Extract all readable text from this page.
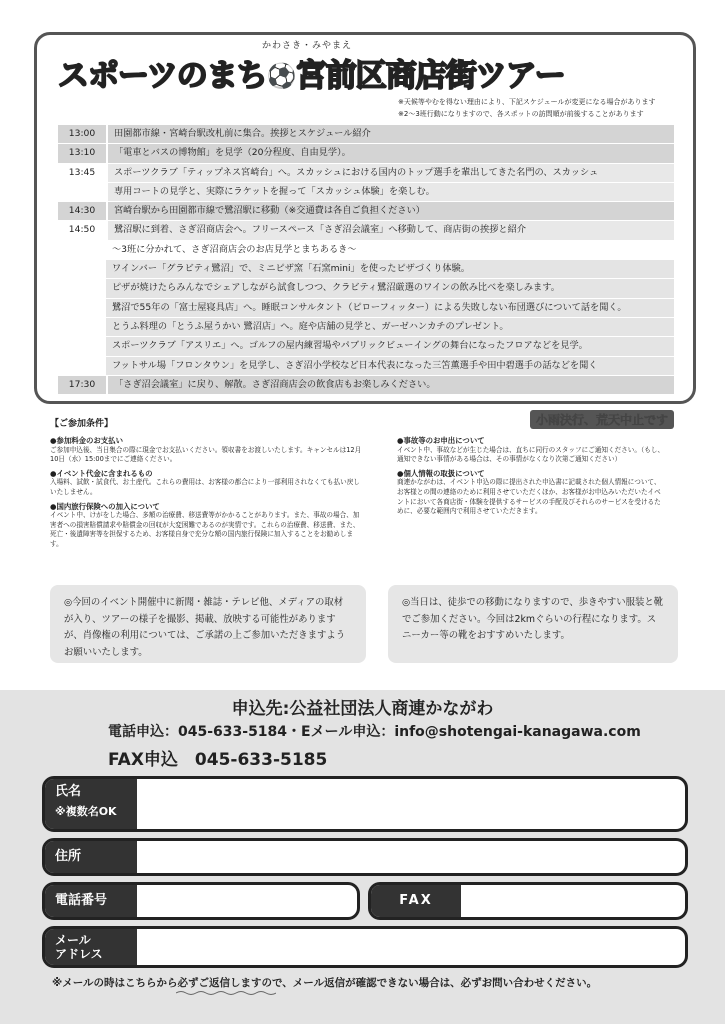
かわさき・みやまえ
スポーツのまち⚽宮前区商店街ツアー
※天候等やむを得ない理由により、下記スケジュールが変更になる場合があります
※2～3班行動になりますので、各スポットの訪問順が前後することがあります
13:00	田園都市線・宮崎台駅改札前に集合。挨拶とスケジュール紹介
13:10	「電車とバスの博物館」を見学（20分程度、自由見学）。
13:45	スポーツクラブ「ティップネス宮崎台」へ。スカッシュにおける国内のトップ選手を輩出してきた名門の、スカッシュ
専用コートの見学と、実際にラケットを握って「スカッシュ体験」を楽しむ。
14:30	宮崎台駅から田園都市線で鷺沼駅に移動（※交通費は各自ご負担ください）
14:50	鷺沼駅に到着、さぎ沼商店会へ。フリースペース「さぎ沼会議室」へ移動して、商店街の挨拶と紹介
～3班に分かれて、さぎ沼商店会のお店見学とまちあるき～
ワインバー「グラビティ鷺沼」で、ミニピザ窯「石窯mini」を使ったピザづくり体験。
ピザが焼けたらみんなでシェアしながら試食しつつ、クラビティ鷺沼厳選のワインの飲み比べを楽しみます。
鷺沼で55年の「富士屋寝具店」へ。睡眠コンサルタント（ピローフィッター）による失敗しない布団選びについて話を聞く。
とうふ料理の「とうふ屋うかい 鷺沼店」へ。庭や店舗の見学と、ガーゼハンカチのプレゼント。
スポーツクラブ「アスリエ」へ。ゴルフの屋内練習場やパブリックビューイングの舞台になったフロアなどを見学。
フットサル場「フロンタウン」を見学し、さぎ沼小学校など日本代表になった三笘薫選手や田中碧選手の話などを聞く
17:30	「さぎ沼会議室」に戻り、解散。さぎ沼商店会の飲食店もお楽しみください。
小雨決行、荒天中止です
【ご参加条件】
●参加料金のお支払い
ご参加申込後、当日集合の際に現金でお支払いください。領収書をお渡しいたします。キャンセルは12月10日（水）15:00までにご連絡ください。
●イベント代金に含まれるもの
入場料、試飲・試食代、お土産代。これらの費用は、お客様の都合により一部利用されなくても払い戻しいたしません。
●国内旅行保険への加入について
イベント中、けがをした場合、多額の治療費、移送費等がかかることがあります。また、事故の場合、加害者への損害賠償請求や賠償金の回収が大変困難であるのが実情です。これらの治療費、移送費、また、死亡・後遺障害等を担保するため、お客様自身で充分な額の国内旅行保険に加入することをお勧めします。
●事故等のお申出について
イベント中、事故などが生じた場合は、直ちに同行のスタッフにご通知ください。（もし、通知できない事情がある場合は、その事情がなくなり次第ご通知ください）
●個人情報の取扱について
商連かながわは、イベント申込の際に提出された申込書に記載された個人情報について、お客様との間の連絡のために利用させていただくほか、お客様がお申込みいただいたイベントにおいて各商店街・体験を提供するサービスの手配及びそれらのサービスを受けるために、必要な範囲内で利用させていただきます。
◎今回のイベント開催中に新聞・雑誌・テレビ他、メディアの取材が入り、ツアーの様子を撮影、掲載、放映する可能性がありますが、肖像権の利用については、ご承諾の上ご参加いただきますようお願いいたします。
◎当日は、徒歩での移動になりますので、歩きやすい服装と靴でご参加ください。今回は2kmぐらいの行程になります。スニーカー等の靴をおすすめいたします。
申込先:公益社団法人商連かながわ
電話申込：045-633-5184・Eメール申込：info@shotengai-kanagawa.com
FAX申込　045-633-5185
氏名
※複数名OK
住所
電話番号	FAX
メール
アドレス
※メールの時はこちらから必ずご返信しますので、メール返信が確認できない場合は、必ずお問い合わせください。
